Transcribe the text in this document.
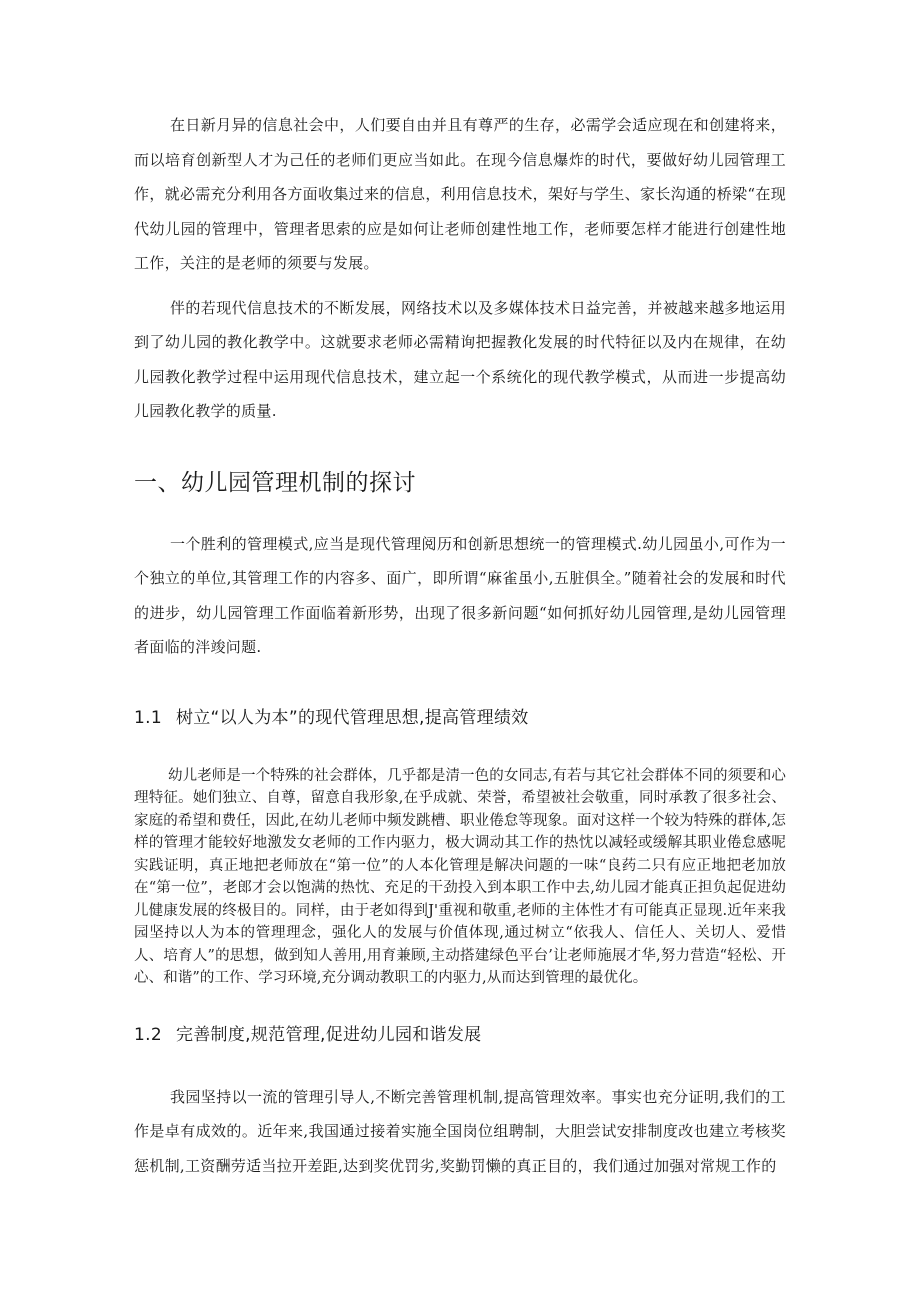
在日新月异的信息社会中，人们要自由并且有尊严的生存，必需学会适应现在和创建将来，而以培育创新型人才为己任的老师们更应当如此。在现今信息爆炸的时代，要做好幼儿园管理工作，就必需充分利用各方面收集过来的信息，利用信息技术，架好与学生、家长沟通的桥梁“在现代幼儿园的管理中，管理者思索的应是如何让老师创建性地工作，老师要怎样才能进行创建性地工作，关注的是老师的须要与发展。

伴的若现代信息技术的不断发展，网络技术以及多媒体技术日益完善，并被越来越多地运用到了幼儿园的教化教学中。这就要求老师必需精询把握教化发展的时代特征以及内在规律，在幼儿园教化教学过程中运用现代信息技术，建立起一个系统化的现代教学模式，从而进一步提高幼儿园教化教学的质量.

一、幼儿园管理机制的探讨

一个胜利的管理模式,应当是现代管理阅历和创新思想统一的管理模式.幼儿园虽小,可作为一个独立的单位,其管理工作的内容多、面广，即所谓“麻雀虽小,五脏俱全。”随着社会的发展和时代的进步，幼儿园管理工作面临着新形势，出现了很多新问题“如何抓好幼儿园管理,是幼儿园管理者面临的泮竣问题.

1.1 树立“以人为本”的现代管理思想,提高管理绩效

幼儿老师是一个特殊的社会群体，几乎都是清一色的女同志,有若与其它社会群体不同的须要和心理特征。她们独立、自尊，留意自我形象,在乎成就、荣誉，希望被社会敬重，同时承教了很多社会、家庭的希望和费任，因此,在幼儿老师中频发跳槽、职业倦怠等现象。面对这样一个较为特殊的群体,怎样的管理才能较好地激发女老师的工作内驱力，极大调动其工作的热忱以减轻或缓解其职业倦怠感呢实践证明，真正地把老师放在“第一位”的人本化管理是解决问题的一味“良药二只有应正地把老加放在“第一位”，老郎才会以饱满的热忱、充足的干劲投入到本职工作中去,幼儿园才能真正担负起促进幼儿健康发展的终极目的。同样，由于老如得到J'重视和敬重,老师的主体性才有可能真正显现.近年来我园坚持以人为本的管理理念，强化人的发展与价值体现,通过树立“依我人、信任人、关切人、爱惜人、培育人”的思想，做到知人善用,用育兼顾,主动搭建绿色平台’让老师施展才华,努力营造“轻松、开心、和谐”的工作、学习环境,充分调动教职工的内驱力,从而达到管理的最优化。

1.2 完善制度,规范管理,促进幼儿园和谐发展

我园坚持以一流的管理引导人,不断完善管理机制,提高管理效率。事实也充分证明,我们的工作是卓有成效的。近年来,我国通过接着实施全国岗位组聘制，大胆尝试安排制度改也建立考核奖惩机制,工资酬劳适当拉开差距,达到奖优罚劣,奖勤罚懒的真正目的，我们通过加强对常规工作的
